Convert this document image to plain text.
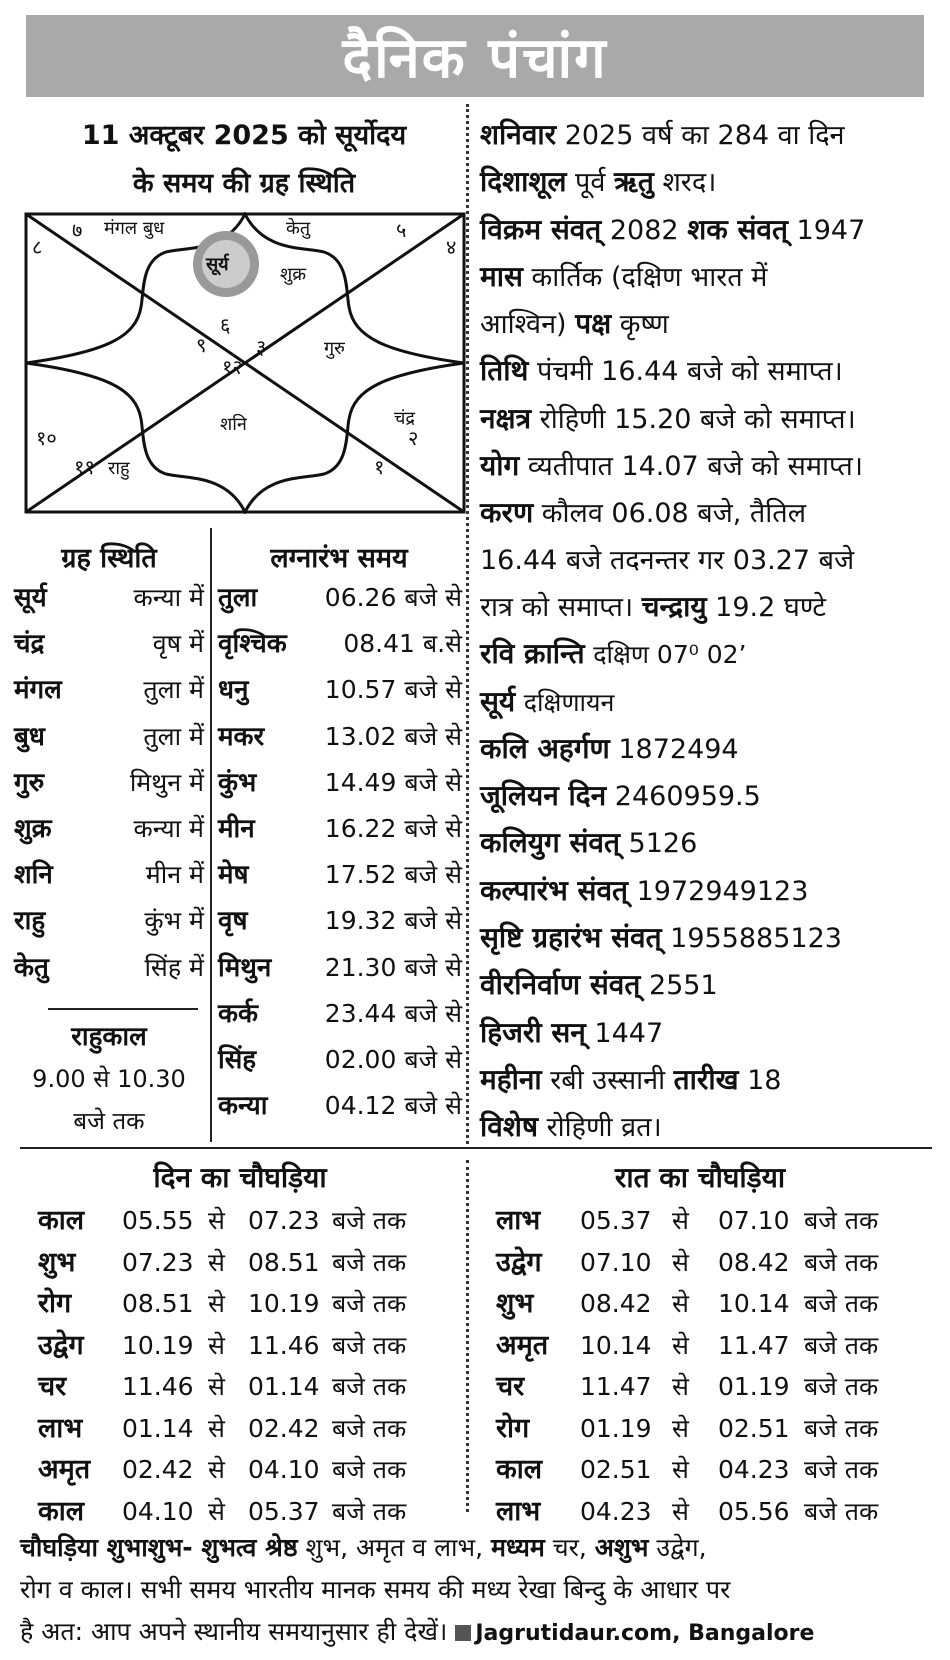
दैनिक पंचांग
11 अक्टूबर 2025 को सूर्योदय
के समय की ग्रह स्थिति
७
८
५
४
६
९ ३
१२
१०	२
११	१
मंगल बुध	केतु
सूर्य	शुक्र
गुरु
शनि	चंद्र
राहु
ग्रह स्थिति
सूर्य	कन्या में
चंद्र	वृष में
मंगल	तुला में
बुध	तुला में
गुरु	मिथुन में
शुक्र	कन्या में
शनि	मीन में
राहु	कुंभ में
केतु	सिंह में
राहुकाल
9.00 से 10.30
बजे तक
लग्नारंभ समय
तुला	06.26 बजे से
वृश्चिक 08.41 ब.से
धनु	10.57 बजे से
मकर 13.02 बजे से
कुंभ	14.49 बजे से
मीन	16.22 बजे से
मेष	17.52 बजे से
वृष	19.32 बजे से
मिथुन 21.30 बजे से
कर्क	23.44 बजे से
सिंह	02.00 बजे से
कन्या 04.12 बजे से

शनिवार 2025 वर्ष का 284 वा दिन

दिशाशूल पूर्व ऋतु शरद।

विक्रम संवत् 2082 शक संवत् 1947

मास कार्तिक (दक्षिण भारत में

आश्विन) पक्ष कृष्ण

तिथि पंचमी 16.44 बजे को समाप्त।

नक्षत्र रोहिणी 15.20 बजे को समाप्त।

योग व्यतीपात 14.07 बजे को समाप्त।

करण कौलव 06.08 बजे, तैतिल

16.44 बजे तदनन्तर गर 03.27 बजे

रात्र को समाप्त। चन्द्रायु 19.2 घण्टे

रवि क्रान्ति दक्षिण 07⁰ 02’

सूर्य दक्षिणायन

कलि अहर्गण 1872494

जूलियन दिन 2460959.5

कलियुग संवत् 5126

कल्पारंभ संवत् 1972949123

सृष्टि ग्रहारंभ संवत् 1955885123

वीरनिर्वाण संवत् 2551

हिजरी सन् 1447

महीना रबी उस्सानी तारीख 18

विशेष रोहिणी व्रत।

दिन का चौघड़िया	रात का चौघड़िया
काल	05.55 से 07.23 बजे तक
शुभ	07.23 से 08.51 बजे तक
रोग	08.51 से 10.19 बजे तक
उद्वेग	10.19 से 11.46 बजे तक
चर	11.46 से 01.14 बजे तक
लाभ	01.14 से 02.42 बजे तक
अमृत	02.42 से 04.10 बजे तक
काल	04.10 से 05.37 बजे तक
लाभ	05.37 से	07.10 बजे तक
उद्वेग	07.10 से	08.42 बजे तक
शुभ	08.42 से	10.14 बजे तक
अमृत	10.14 से	11.47 बजे तक
चर	11.47 से	01.19 बजे तक
रोग	01.19 से	02.51 बजे तक
काल	02.51 से	04.23 बजे तक
लाभ	04.23 से	05.56 बजे तक

चौघड़िया शुभाशुभ- शुभत्व श्रेष्ठ शुभ, अमृत व लाभ, मध्यम चर, अशुभ उद्वेग,

रोग व काल। सभी समय भारतीय मानक समय की मध्य रेखा बिन्दु के आधार पर

है अत: आप अपने स्थानीय समयानुसार ही देखें। Jagrutidaur.com, Bangalore
